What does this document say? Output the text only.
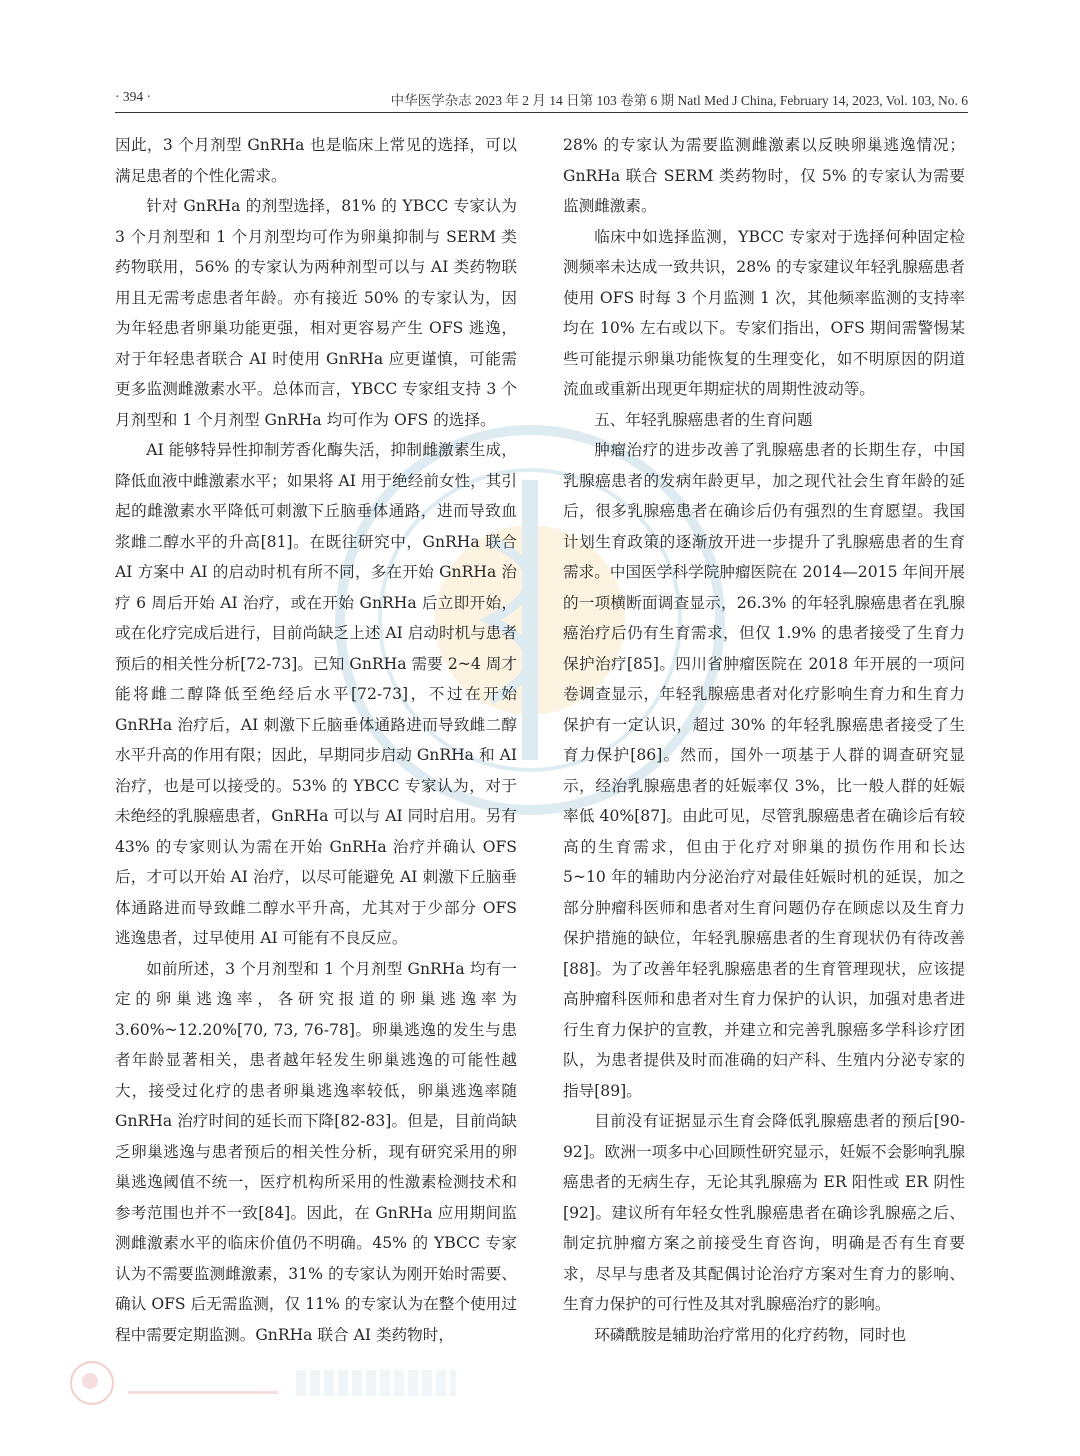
· 394 ·	中华医学杂志 2023 年 2 月 14 日第 103 卷第 6 期 Natl Med J China, February 14, 2023, Vol. 103, No. 6

因此，3 个月剂型 GnRHa 也是临床上常见的选择，可以满足患者的个性化需求。

针对 GnRHa 的剂型选择，81% 的 YBCC 专家认为 3 个月剂型和 1 个月剂型均可作为卵巢抑制与 SERM 类药物联用，56% 的专家认为两种剂型可以与 AI 类药物联用且无需考虑患者年龄。亦有接近 50% 的专家认为，因为年轻患者卵巢功能更强，相对更容易产生 OFS 逃逸，对于年轻患者联合 AI 时使用 GnRHa 应更谨慎，可能需更多监测雌激素水平。总体而言，YBCC 专家组支持 3 个月剂型和 1 个月剂型 GnRHa 均可作为 OFS 的选择。

AI 能够特异性抑制芳香化酶失活，抑制雌激素生成，降低血液中雌激素水平；如果将 AI 用于绝经前女性，其引起的雌激素水平降低可刺激下丘脑垂体通路，进而导致血浆雌二醇水平的升高[81]。在既往研究中，GnRHa 联合 AI 方案中 AI 的启动时机有所不同，多在开始 GnRHa 治疗 6 周后开始 AI 治疗，或在开始 GnRHa 后立即开始，或在化疗完成后进行，目前尚缺乏上述 AI 启动时机与患者预后的相关性分析[72-73]。已知 GnRHa 需要 2~4 周才能将雌二醇降低至绝经后水平[72-73]，不过在开始 GnRHa 治疗后，AI 刺激下丘脑垂体通路进而导致雌二醇水平升高的作用有限；因此，早期同步启动 GnRHa 和 AI 治疗，也是可以接受的。53% 的 YBCC 专家认为，对于未绝经的乳腺癌患者，GnRHa 可以与 AI 同时启用。另有 43% 的专家则认为需在开始 GnRHa 治疗并确认 OFS 后，才可以开始 AI 治疗，以尽可能避免 AI 刺激下丘脑垂体通路进而导致雌二醇水平升高，尤其对于少部分 OFS 逃逸患者，过早使用 AI 可能有不良反应。

如前所述，3 个月剂型和 1 个月剂型 GnRHa 均有一定的卵巢逃逸率，各研究报道的卵巢逃逸率为 3.60%~12.20%[70, 73, 76-78]。卵巢逃逸的发生与患者年龄显著相关，患者越年轻发生卵巢逃逸的可能性越大，接受过化疗的患者卵巢逃逸率较低，卵巢逃逸率随 GnRHa 治疗时间的延长而下降[82-83]。但是，目前尚缺乏卵巢逃逸与患者预后的相关性分析，现有研究采用的卵巢逃逸阈值不统一，医疗机构所采用的性激素检测技术和参考范围也并不一致[84]。因此，在 GnRHa 应用期间监测雌激素水平的临床价值仍不明确。45% 的 YBCC 专家认为不需要监测雌激素，31% 的专家认为刚开始时需要、确认 OFS 后无需监测，仅 11% 的专家认为在整个使用过程中需要定期监测。GnRHa 联合 AI 类药物时，

28% 的专家认为需要监测雌激素以反映卵巢逃逸情况；GnRHa 联合 SERM 类药物时，仅 5% 的专家认为需要监测雌激素。

临床中如选择监测，YBCC 专家对于选择何种固定检测频率未达成一致共识，28% 的专家建议年轻乳腺癌患者使用 OFS 时每 3 个月监测 1 次，其他频率监测的支持率均在 10% 左右或以下。专家们指出，OFS 期间需警惕某些可能提示卵巢功能恢复的生理变化，如不明原因的阴道流血或重新出现更年期症状的周期性波动等。

五、年轻乳腺癌患者的生育问题

肿瘤治疗的进步改善了乳腺癌患者的长期生存，中国乳腺癌患者的发病年龄更早，加之现代社会生育年龄的延后，很多乳腺癌患者在确诊后仍有强烈的生育愿望。我国计划生育政策的逐渐放开进一步提升了乳腺癌患者的生育需求。中国医学科学院肿瘤医院在 2014—2015 年间开展的一项横断面调查显示，26.3% 的年轻乳腺癌患者在乳腺癌治疗后仍有生育需求，但仅 1.9% 的患者接受了生育力保护治疗[85]。四川省肿瘤医院在 2018 年开展的一项问卷调查显示，年轻乳腺癌患者对化疗影响生育力和生育力保护有一定认识，超过 30% 的年轻乳腺癌患者接受了生育力保护[86]。然而，国外一项基于人群的调查研究显示，经治乳腺癌患者的妊娠率仅 3%，比一般人群的妊娠率低 40%[87]。由此可见，尽管乳腺癌患者在确诊后有较高的生育需求，但由于化疗对卵巢的损伤作用和长达 5~10 年的辅助内分泌治疗对最佳妊娠时机的延误，加之部分肿瘤科医师和患者对生育问题仍存在顾虑以及生育力保护措施的缺位，年轻乳腺癌患者的生育现状仍有待改善[88]。为了改善年轻乳腺癌患者的生育管理现状，应该提高肿瘤科医师和患者对生育力保护的认识，加强对患者进行生育力保护的宣教，并建立和完善乳腺癌多学科诊疗团队，为患者提供及时而准确的妇产科、生殖内分泌专家的指导[89]。

目前没有证据显示生育会降低乳腺癌患者的预后[90-92]。欧洲一项多中心回顾性研究显示，妊娠不会影响乳腺癌患者的无病生存，无论其乳腺癌为 ER 阳性或 ER 阴性[92]。建议所有年轻女性乳腺癌患者在确诊乳腺癌之后、制定抗肿瘤方案之前接受生育咨询，明确是否有生育要求，尽早与患者及其配偶讨论治疗方案对生育力的影响、生育力保护的可行性及其对乳腺癌治疗的影响。

环磷酰胺是辅助治疗常用的化疗药物，同时也
